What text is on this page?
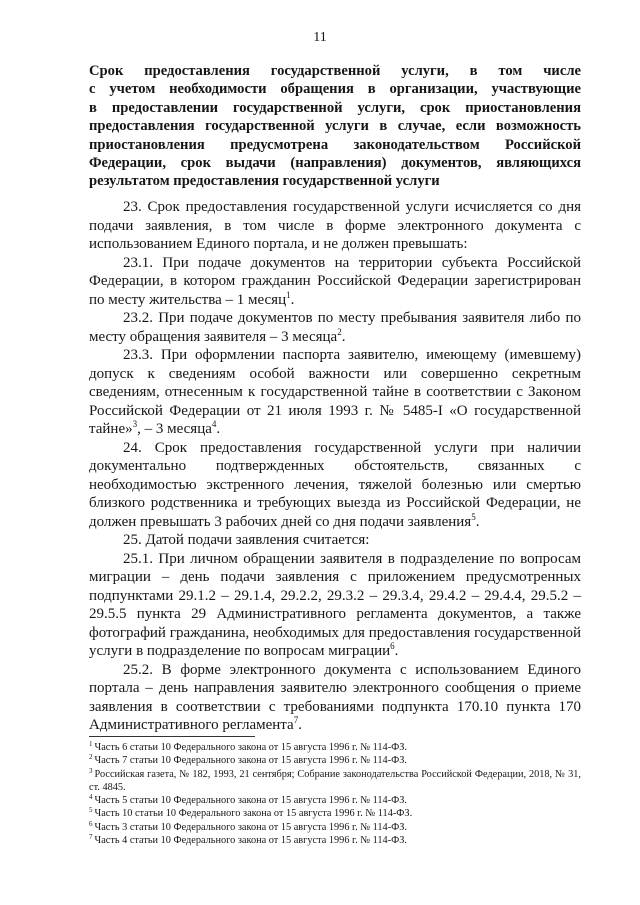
11
Срок предоставления государственной услуги, в том числе
с учетом необходимости обращения в организации, участвующие
в предоставлении государственной услуги, срок приостановления
предоставления государственной услуги в случае, если возможность
приостановления предусмотрена законодательством Российской
Федерации, срок выдачи (направления) документов, являющихся
результатом предоставления государственной услуги

23. Срок предоставления государственной услуги исчисляется со дня подачи заявления, в том числе в форме электронного документа с использованием Единого портала, и не должен превышать:

23.1. При подаче документов на территории субъекта Российской Федерации, в котором гражданин Российской Федерации зарегистрирован по месту жительства – 1 месяц$^1$.

23.2. При подаче документов по месту пребывания заявителя либо по месту обращения заявителя – 3 месяца$^2$.

23.3. При оформлении паспорта заявителю, имеющему (имевшему) допуск к сведениям особой важности или совершенно секретным сведениям, отнесенным к государственной тайне в соответствии с Законом Российской Федерации от 21 июля 1993 г. № 5485-I «О государственной тайне»$^3$, – 3 месяца$^4$.

24. Срок предоставления государственной услуги при наличии документально подтвержденных обстоятельств, связанных с необходимостью экстренного лечения, тяжелой болезнью или смертью близкого родственника и требующих выезда из Российской Федерации, не должен превышать 3 рабочих дней со дня подачи заявления$^5$.

25. Датой подачи заявления считается:

25.1. При личном обращении заявителя в подразделение по вопросам миграции – день подачи заявления с приложением предусмотренных подпунктами 29.1.2 – 29.1.4, 29.2.2, 29.3.2 – 29.3.4, 29.4.2 – 29.4.4, 29.5.2 – 29.5.5 пункта 29 Административного регламента документов, а также фотографий гражданина, необходимых для предоставления государственной услуги в подразделение по вопросам миграции$^6$.

25.2. В форме электронного документа с использованием Единого портала – день направления заявителю электронного сообщения о приеме заявления в соответствии с требованиями подпункта 170.10 пункта 170 Административного регламента$^7$.

$^1$ Часть 6 статьи 10 Федерального закона от 15 августа 1996 г. № 114-ФЗ.

$^2$ Часть 7 статьи 10 Федерального закона от 15 августа 1996 г. № 114-ФЗ.

$^3$ Российская газета, № 182, 1993, 21 сентября; Собрание законодательства Российской Федерации, 2018, № 31, ст. 4845.

$^4$ Часть 5 статьи 10 Федерального закона от 15 августа 1996 г. № 114-ФЗ.

$^5$ Часть 10 статьи 10 Федерального закона от 15 августа 1996 г. № 114-ФЗ.

$^6$ Часть 3 статьи 10 Федерального закона от 15 августа 1996 г. № 114-ФЗ.

$^7$ Часть 4 статьи 10 Федерального закона от 15 августа 1996 г. № 114-ФЗ.
